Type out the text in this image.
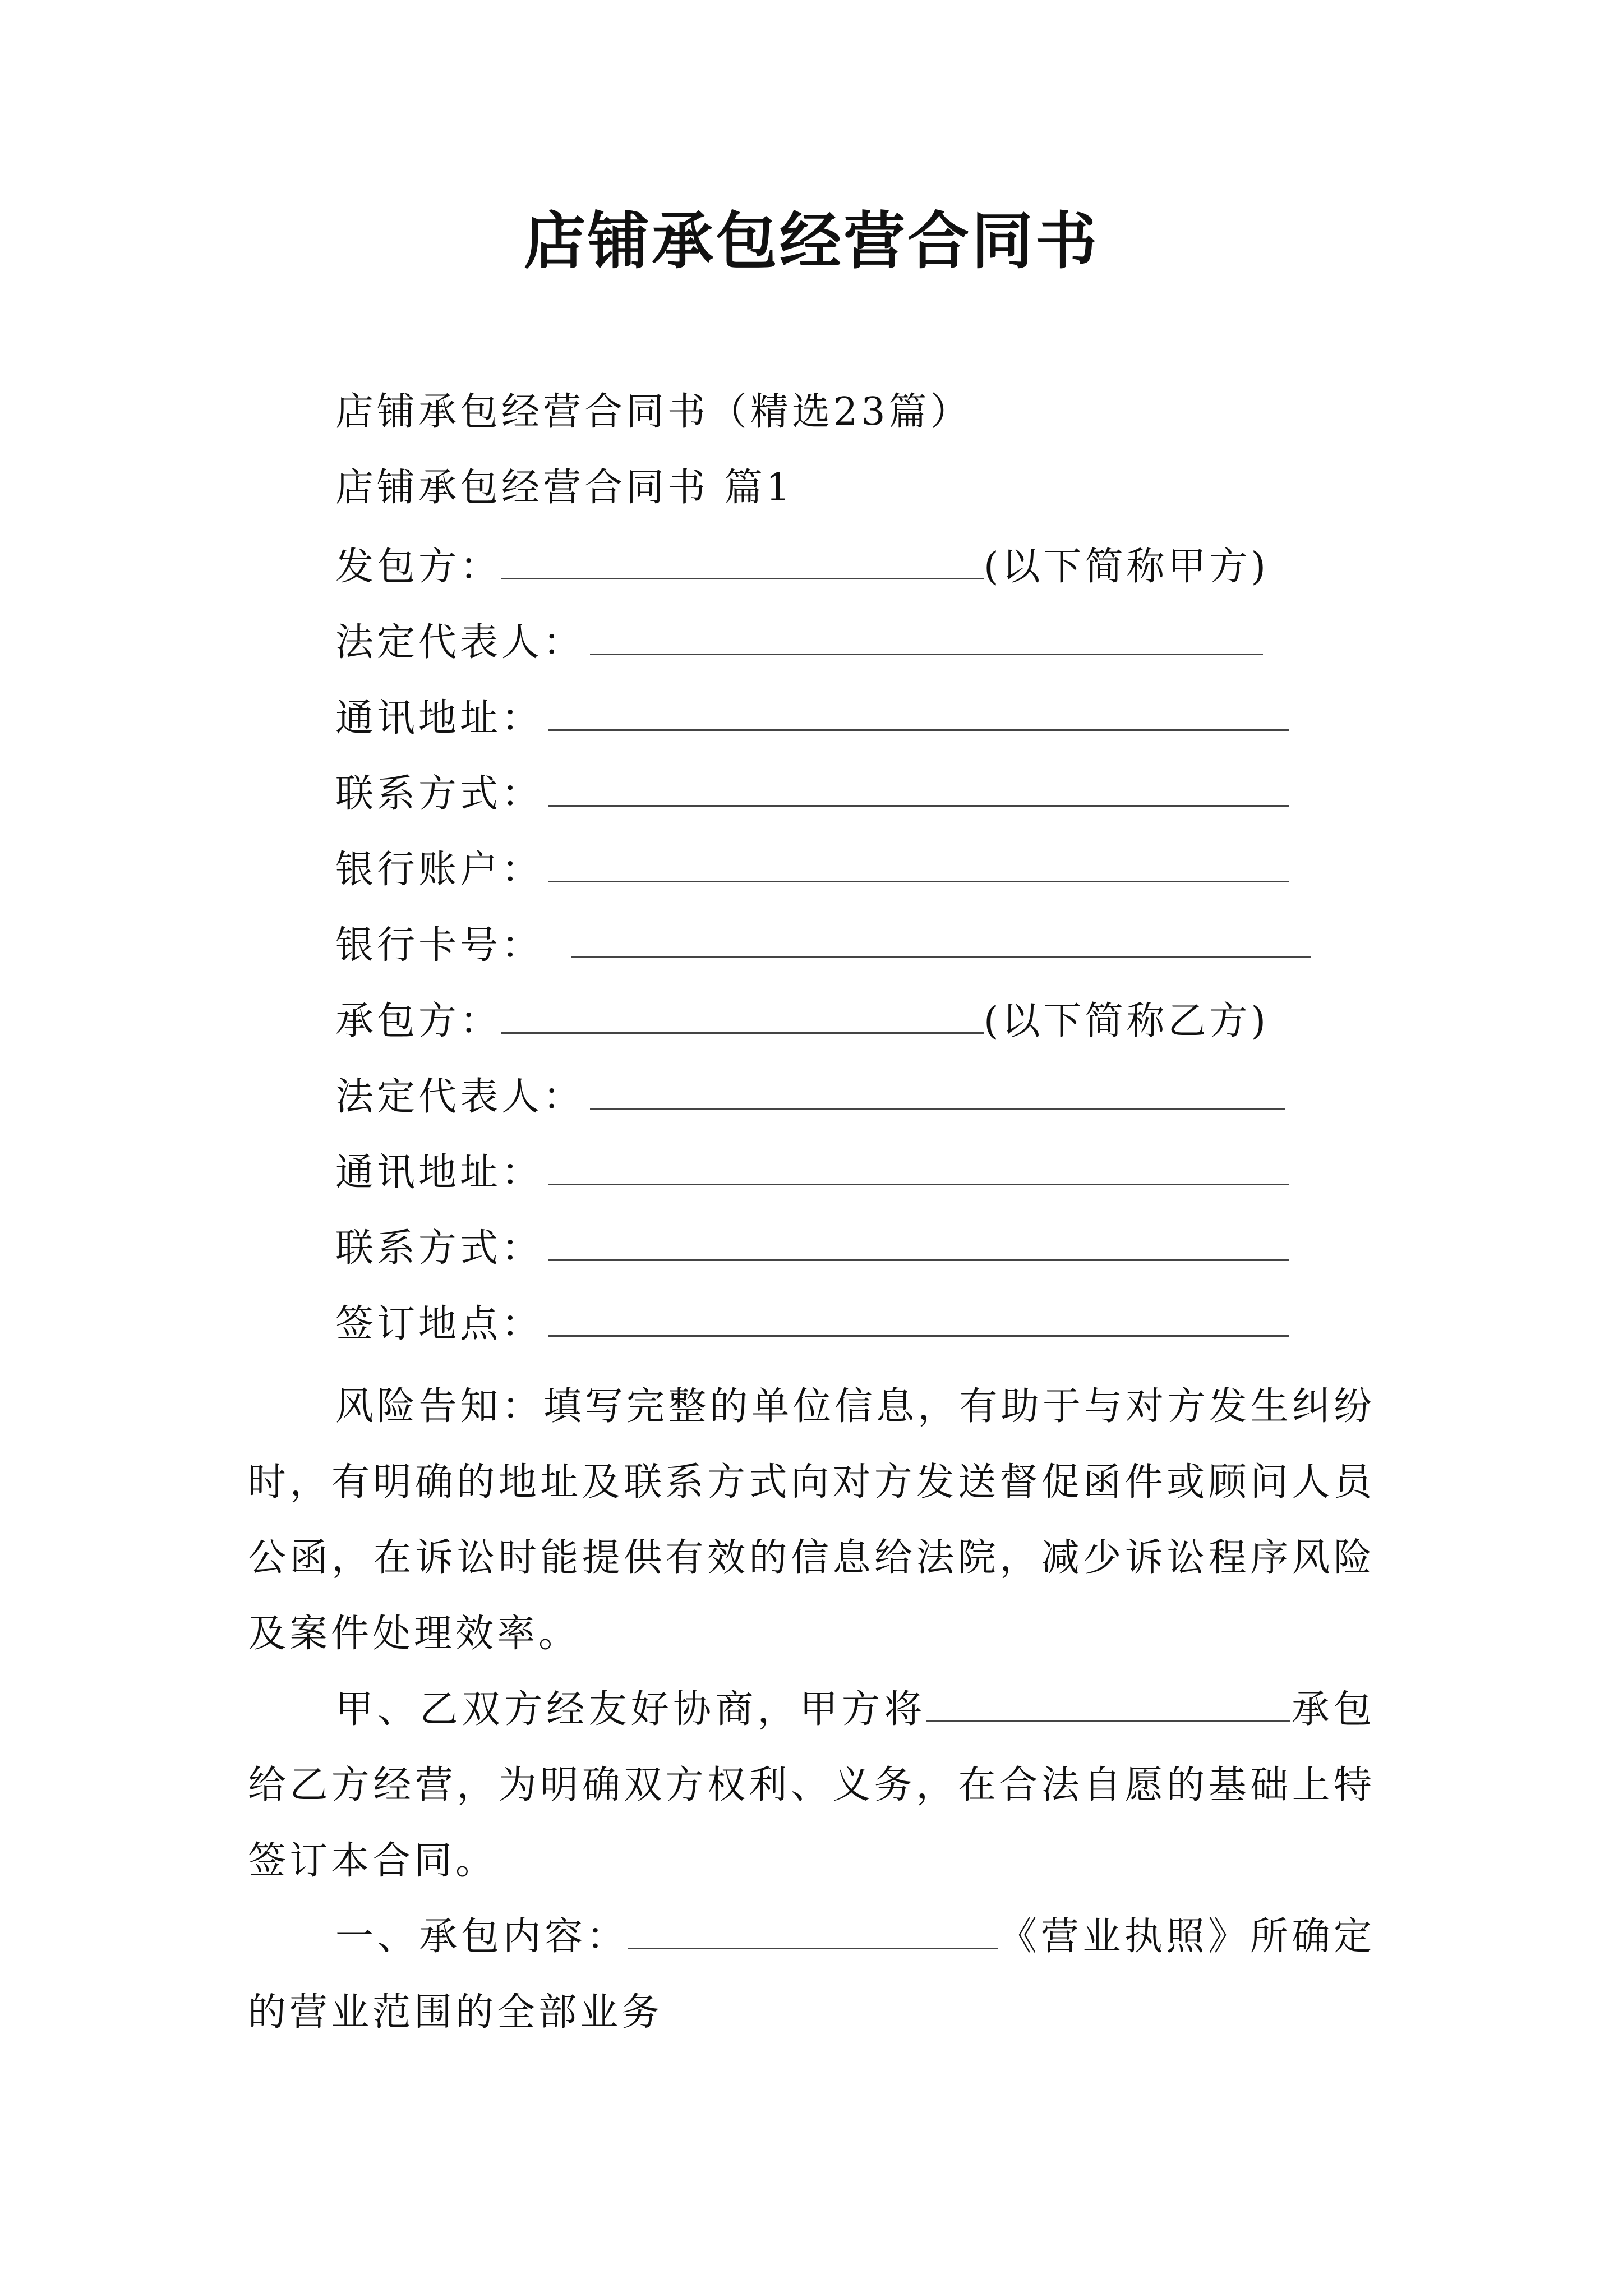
店铺承包经营合同书
店铺承包经营合同书（精选23篇）
店铺承包经营合同书 篇1
发包方：	(以下简称甲方)
法定代表人：
通讯地址：
联系方式：
银行账户：
银行卡号：
承包方：	(以下简称乙方)
法定代表人：
通讯地址：
联系方式：
签订地点：
风险告知：填写完整的单位信息，有助于与对方发生纠纷时，有明确的地址及联系方式向对方发送督促函件或顾问人员公函，在诉讼时能提供有效的信息给法院，减少诉讼程序风险及案件处理效率。
甲、乙双方经友好协商，甲方将	承包给乙方经营，为明确双方权利、义务，在合法自愿的基础上特签订本合同。
一、承包内容：	《营业执照》所确定的营业范围的全部业务
